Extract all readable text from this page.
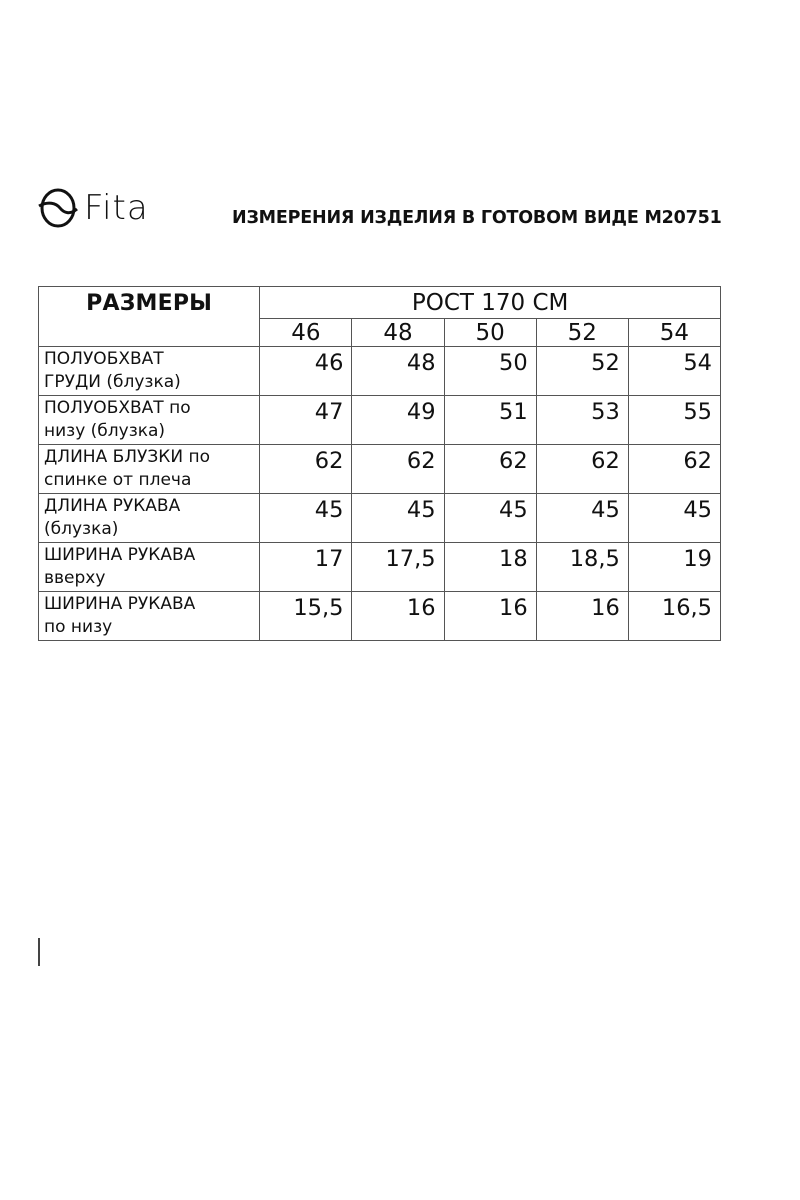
Fita	ИЗМЕРЕНИЯ ИЗДЕЛИЯ В ГОТОВОМ ВИДЕ М20751
РАЗМЕРЫ	РОСТ 170 СМ				
	46	48	50	52	54
ПОЛУОБХВАТ
ГРУДИ (блузка)	46	48	50	52	54
ПОЛУОБХВАТ по
низу (блузка)	47	49	51	53	55
ДЛИНА БЛУЗКИ по
спинке от плеча	62	62	62	62	62
ДЛИНА РУКАВА
(блузка)	45	45	45	45	45
ШИРИНА РУКАВА
вверху	17	17,5	18	18,5	19
ШИРИНА РУКАВА
по низу	15,5	16	16	16	16,5
